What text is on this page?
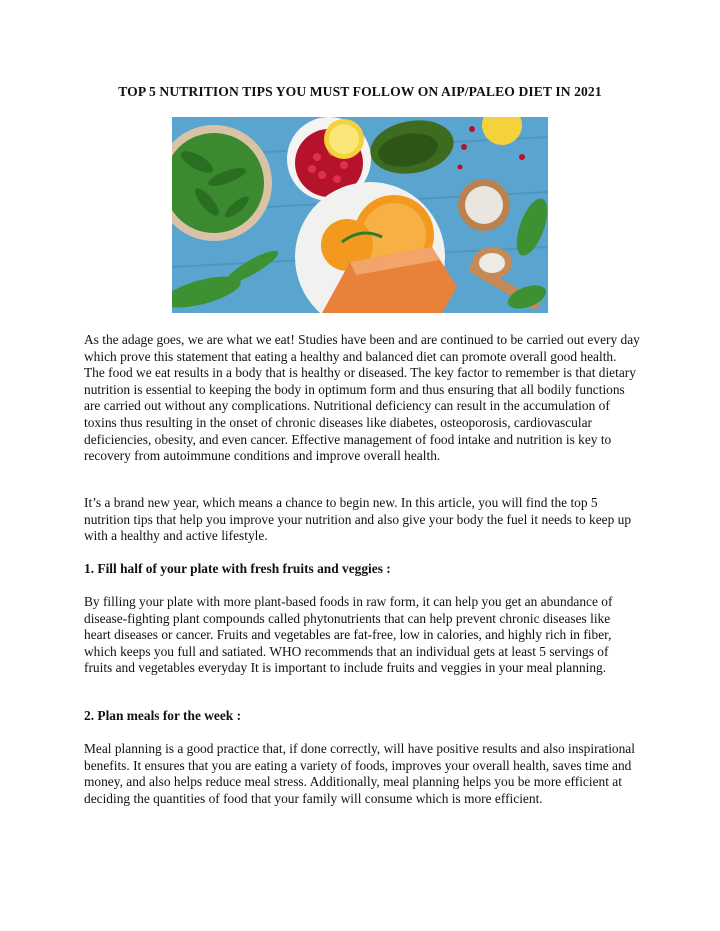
TOP 5 NUTRITION TIPS YOU MUST FOLLOW ON AIP/PALEO DIET IN 2021
As the adage goes, we are what we eat! Studies have been and are continued to be carried out every day which prove this statement that eating a healthy and balanced diet can promote overall good health. The food we eat results in a body that is healthy or diseased. The key factor to remember is that dietary nutrition is essential to keeping the body in optimum form and thus ensuring that all bodily functions are carried out without any complications. Nutritional deficiency can result in the accumulation of toxins thus resulting in the onset of chronic diseases like diabetes, osteoporosis, cardiovascular deficiencies, obesity, and even cancer. Effective management of food intake and nutrition is key to recovery from autoimmune conditions and improve overall health.
It’s a brand new year, which means a chance to begin new. In this article, you will find the top 5 nutrition tips that help you improve your nutrition and also give your body the fuel it needs to keep up with a healthy and active lifestyle.
1. Fill half of your plate with fresh fruits and veggies :
By filling your plate with more plant-based foods in raw form, it can help you get an abundance of disease-fighting plant compounds called phytonutrients that can help prevent chronic diseases like heart diseases or cancer. Fruits and vegetables are fat-free, low in calories, and highly rich in fiber, which keeps you full and satiated. WHO recommends that an individual gets at least 5 servings of fruits and vegetables everyday It is important to include fruits and veggies in your meal planning.
2. Plan meals for the week :
Meal planning is a good practice that, if done correctly, will have positive results and also inspirational benefits. It ensures that you are eating a variety of foods, improves your overall health, saves time and money, and also helps reduce meal stress. Additionally, meal planning helps you be more efficient at deciding the quantities of food that your family will consume which is more efficient.
